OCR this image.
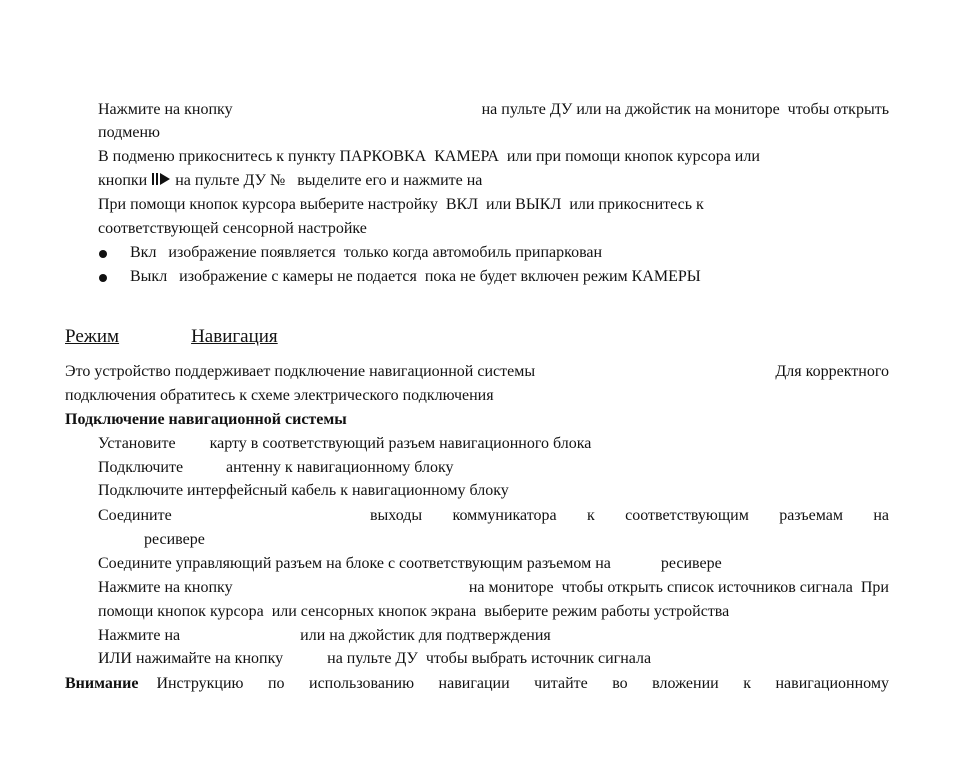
Нажмите на кнопку	на пульте ДУ или на джойстик на мониторе  чтобы открыть
подменю
В подменю прикоснитесь к пункту ПАРКОВКА  КАМЕРА  или при помощи кнопок курсора или
кнопки на пульте ДУ №   выделите его и нажмите на
При помощи кнопок курсора выберите настройку  ВКЛ  или ВЫКЛ  или прикоснитесь к
соответствующей сенсорной настройке
Вкл   изображение появляется  только когда автомобиль припаркован
Выкл   изображение с камеры не подается  пока не будет включен режим КАМЕРЫ
Режим	Навигация
Это устройство поддерживает подключение навигационной системы	Для корректного
подключения обратитесь к схеме электрического подключения
Подключение навигационной системы
Установите карту в соответствующий разъем навигационного блока
Подключите	антенну к навигационному блоку
Подключите интерфейсный кабель к навигационному блоку
Соедините	выходы коммуникатора к соответствующим разъемам на
ресивере
Соедините управляющий разъем на блоке с соответствующим разъемом на	ресивере
Нажмите на кнопку	на мониторе  чтобы открыть список источников сигнала  При
помощи кнопок курсора  или сенсорных кнопок экрана  выберите режим работы устройства
Нажмите на	или на джойстик для подтверждения
ИЛИ нажимайте на кнопку	на пульте ДУ  чтобы выбрать источник сигнала
Внимание Инструкцию по использованию навигации читайте во вложении к навигационному
